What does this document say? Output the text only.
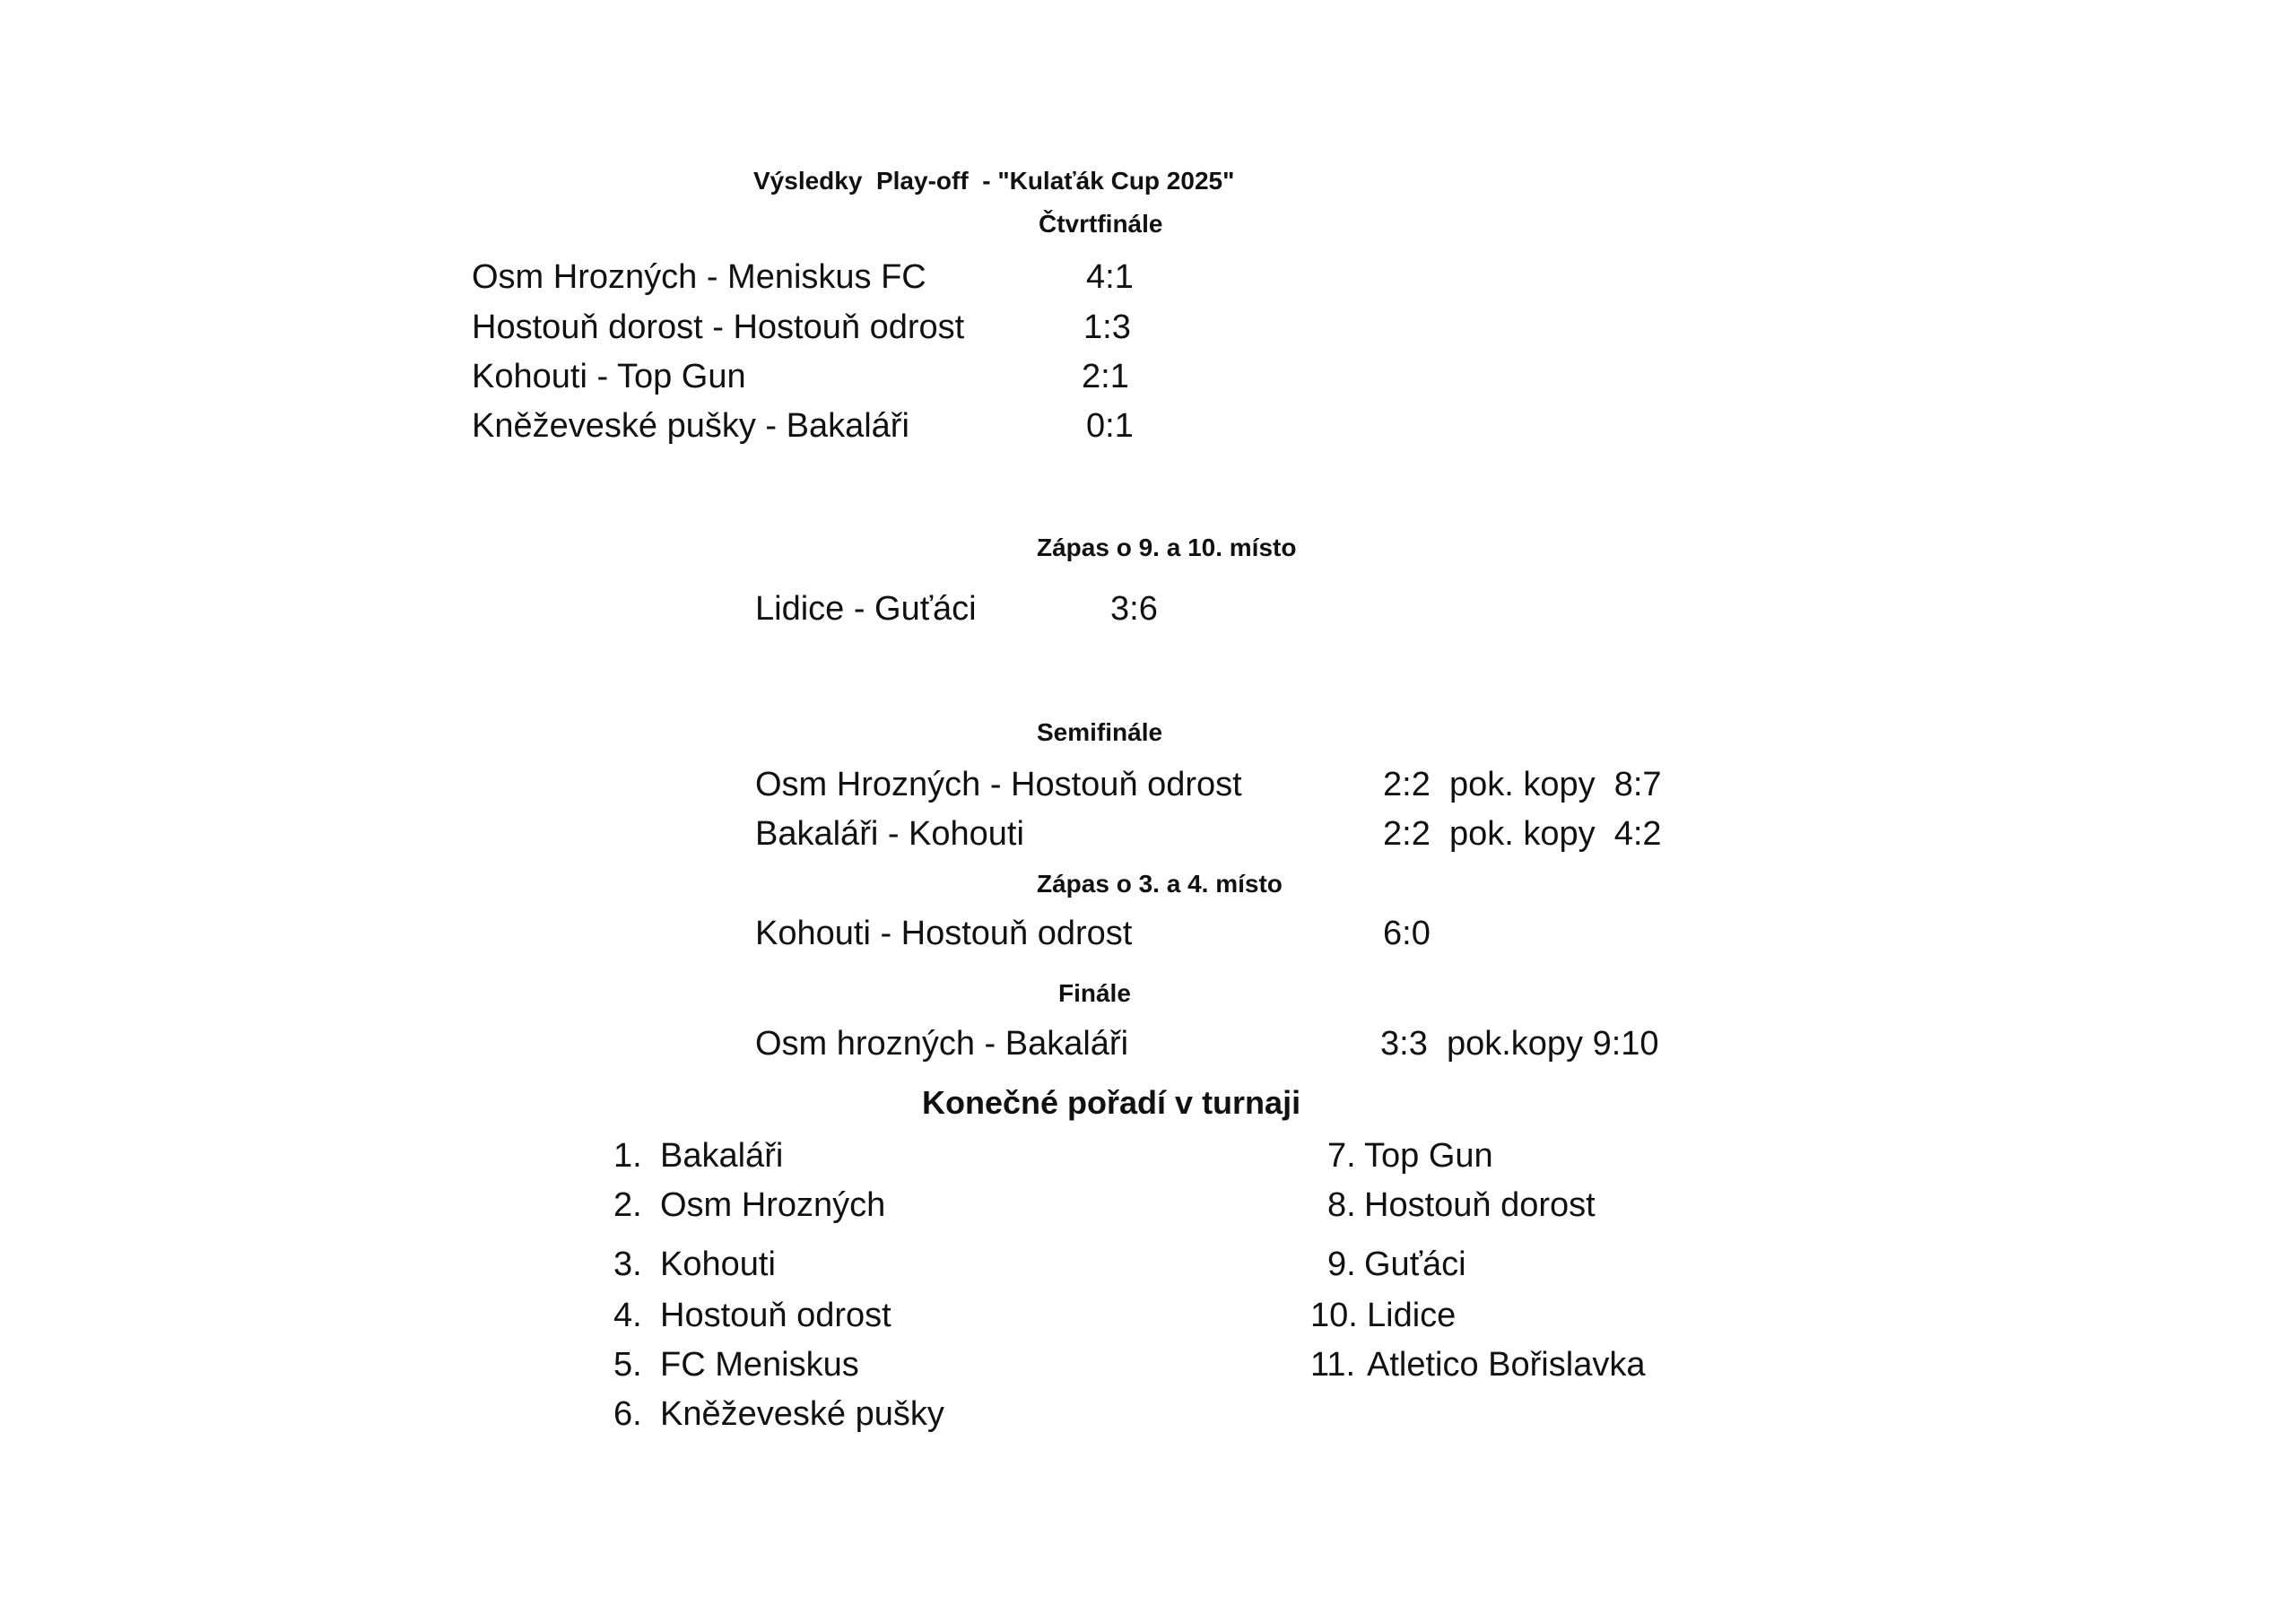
Výsledky  Play-off  - "Kulaťák Cup 2025"
Čtvrtfinále
Osm Hrozných - Meniskus FC	4:1
Hostouň dorost - Hostouň odrost	1:3
Kohouti - Top Gun	2:1
Kněževeské pušky - Bakaláři	0:1
Zápas o 9. a 10. místo
Lidice - Guťáci	3:6
Semifinále
Osm Hrozných - Hostouň odrost	2:2  pok. kopy  8:7
Bakaláři - Kohouti	2:2  pok. kopy  4:2
Zápas o 3. a 4. místo
Kohouti - Hostouň odrost	6:0
Finále
Osm hrozných - Bakaláři	3:3  pok.kopy 9:10
Konečné pořadí v turnaji
1. Bakaláři
2. Osm Hrozných
3. Kohouti
4. Hostouň odrost
5. FC Meniskus
6. Kněževeské pušky
7. Top Gun
8. Hostouň dorost
9. Guťáci
10. Lidice
11. Atletico Bořislavka
